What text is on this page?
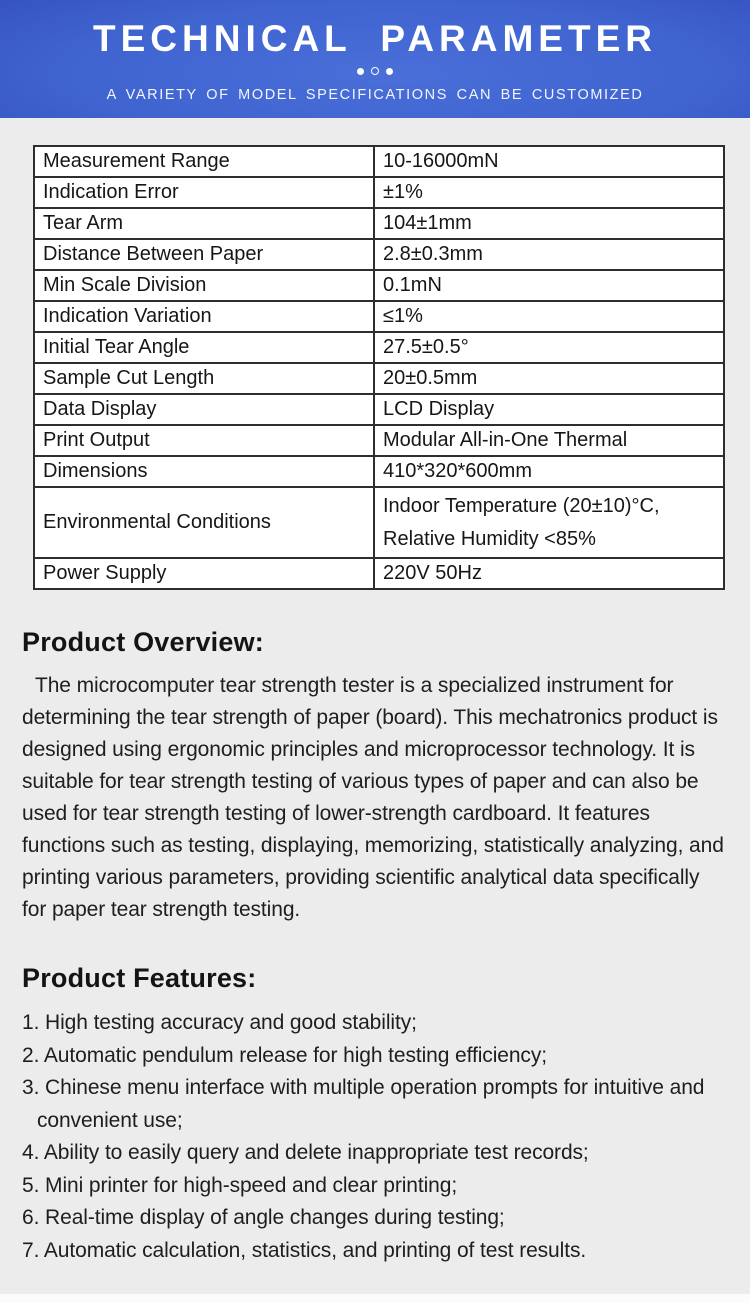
TECHNICAL PARAMETER
A VARIETY OF MODEL SPECIFICATIONS CAN BE CUSTOMIZED
Measurement Range	10-16000mN
Indication Error	±1%
Tear Arm	104±1mm
Distance Between Paper	2.8±0.3mm
Min Scale Division	0.1mN
Indication Variation	≤1%
Initial Tear Angle	27.5±0.5°
Sample Cut Length	20±0.5mm
Data Display	LCD Display
Print Output	Modular All-in-One Thermal
Dimensions	410*320*600mm
Environmental Conditions	Indoor Temperature (20±10)°C, Relative Humidity <85%
Power Supply	220V 50Hz
Product Overview:

The microcomputer tear strength tester is a specialized instrument for determining the tear strength of paper (board). This mechatronics product is designed using ergonomic principles and microprocessor technology. It is suitable for tear strength testing of various types of paper and can also be used for tear strength testing of lower-strength cardboard. It features functions such as testing, displaying, memorizing, statistically analyzing, and printing various parameters, providing scientific analytical data specifically for paper tear strength testing.

Product Features:
1. High testing accuracy and good stability;
2. Automatic pendulum release for high testing efficiency;
3. Chinese menu interface with multiple operation prompts for intuitive and convenient use;
4. Ability to easily query and delete inappropriate test records;
5. Mini printer for high-speed and clear printing;
6. Real-time display of angle changes during testing;
7. Automatic calculation, statistics, and printing of test results.
